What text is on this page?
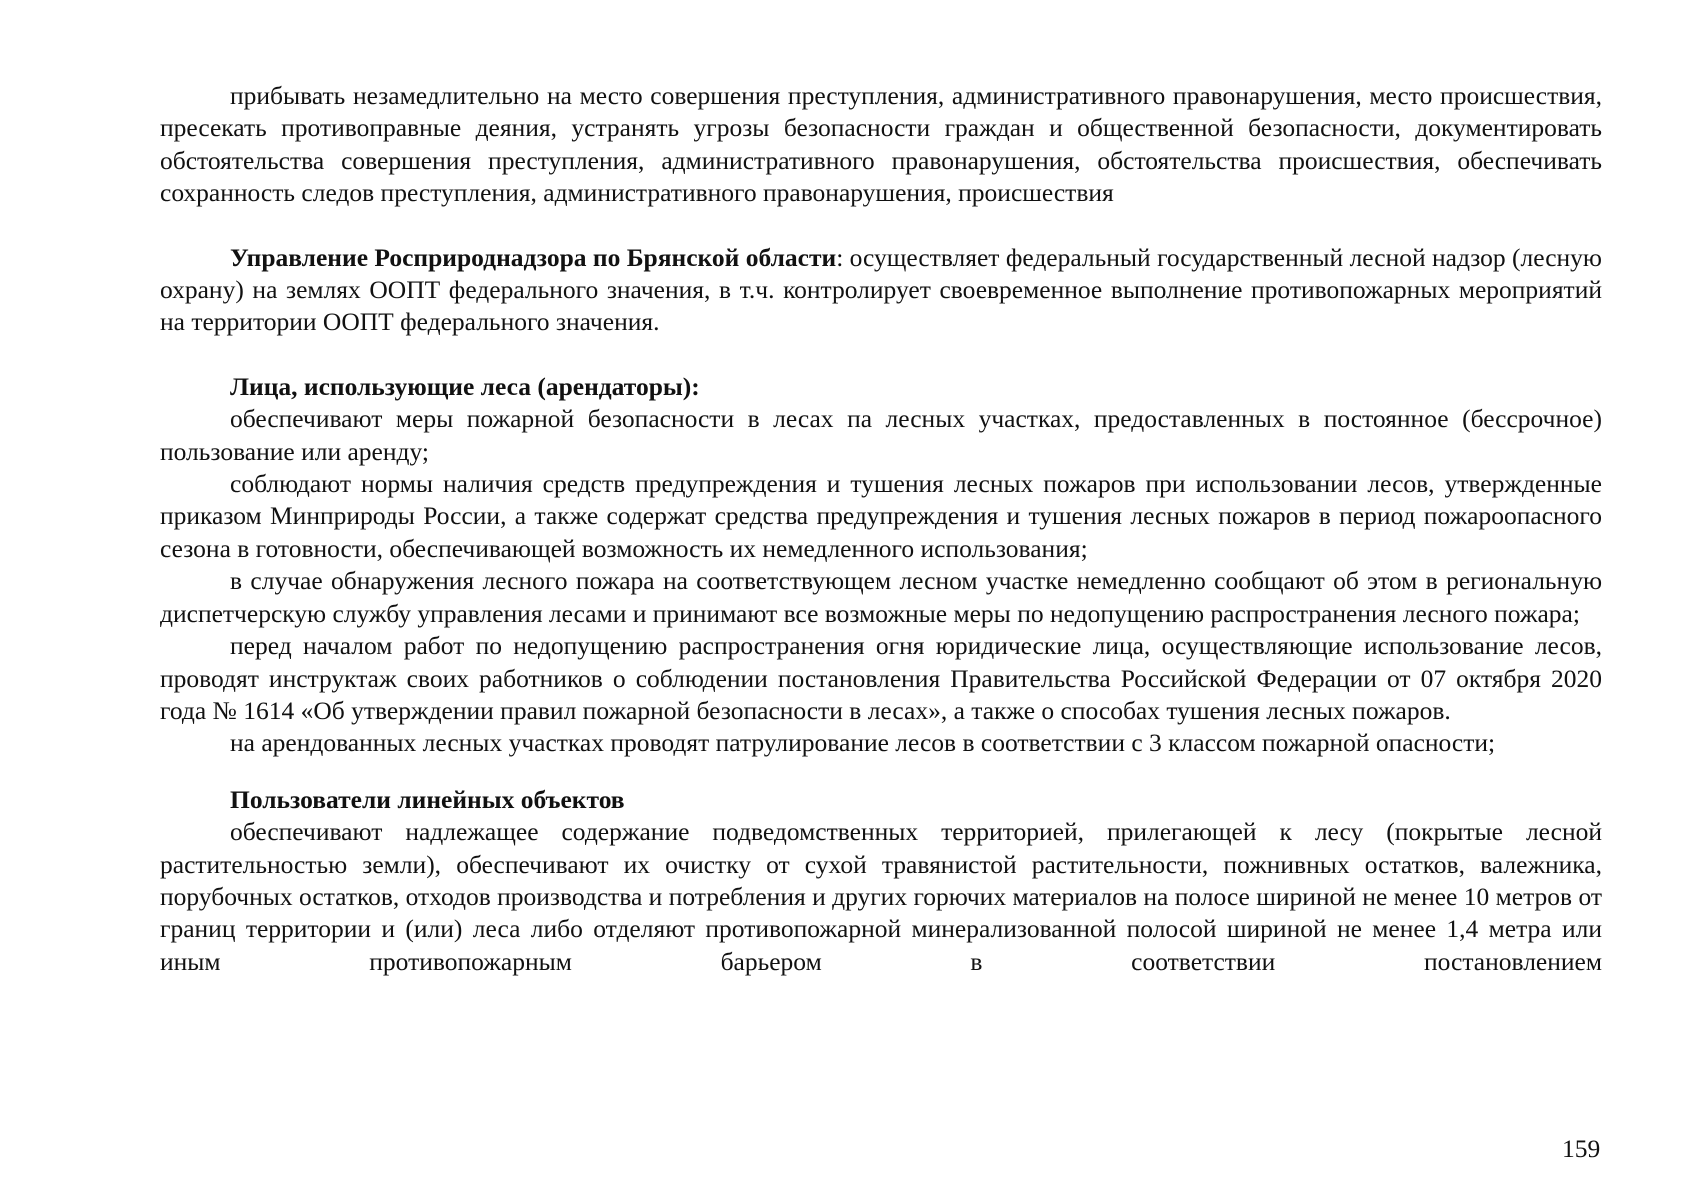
прибывать незамедлительно на место совершения преступления, административного правонарушения, место происшествия, пресекать противоправные деяния, устранять угрозы безопасности граждан и общественной безопасности, документировать обстоятельства совершения преступления, административного правонарушения, обстоятельства происшествия, обеспечивать сохранность следов преступления, административного правонарушения, происшествия

Управление Росприроднадзора по Брянской области: осуществляет федеральный государственный лесной надзор (лесную охрану) на землях ООПТ федерального значения, в т.ч. контролирует своевременное выполнение противопожарных мероприятий на территории ООПТ федерального значения.

Лица, использующие леса (арендаторы):

обеспечивают меры пожарной безопасности в лесах па лесных участках, предоставленных в постоянное (бессрочное) пользование или аренду;

соблюдают нормы наличия средств предупреждения и тушения лесных пожаров при использовании лесов, утвержденные приказом Минприроды России, а также содержат средства предупреждения и тушения лесных пожаров в период пожароопасного сезона в готовности, обеспечивающей возможность их немедленного использования;

в случае обнаружения лесного пожара на соответствующем лесном участке немедленно сообщают об этом в региональную диспетчерскую службу управления лесами и принимают все возможные меры по недопущению распространения лесного пожара;

перед началом работ по недопущению распространения огня юридические лица, осуществляющие использование лесов, проводят инструктаж своих работников о соблюдении постановления Правительства Российской Федерации от 07 октября 2020 года № 1614 «Об утверждении правил пожарной безопасности в лесах», а также о способах тушения лесных пожаров.

на арендованных лесных участках проводят патрулирование лесов в соответствии с 3 классом пожарной опасности;

Пользователи линейных объектов

обеспечивают надлежащее содержание подведомственных территорией, прилегающей к лесу (покрытые лесной растительностью земли), обеспечивают их очистку от сухой травянистой растительности, пожнивных остатков, валежника, порубочных остатков, отходов производства и потребления и других горючих материалов на полосе шириной не менее 10 метров от границ территории и (или) леса либо отделяют противопожарной минерализованной полосой шириной не менее 1,4 метра или иным противопожарным барьером в соответствии постановлением

159
